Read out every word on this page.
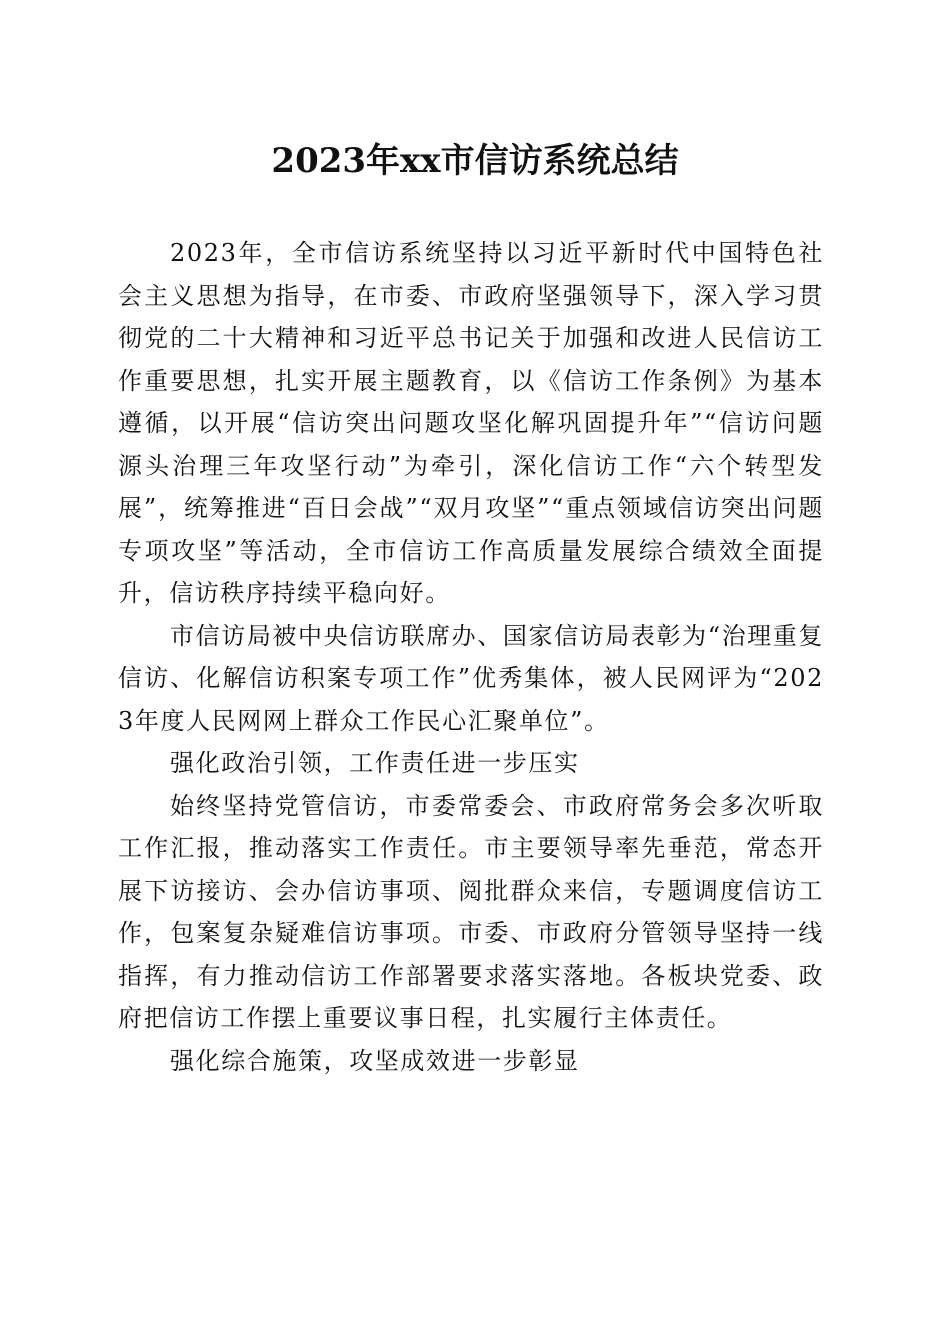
2023年xx市信访系统总结

2023年，全市信访系统坚持以习近平新时代中国特色社会主义思想为指导，在市委、市政府坚强领导下，深入学习贯彻党的二十大精神和习近平总书记关于加强和改进人民信访工作重要思想，扎实开展主题教育，以《信访工作条例》为基本遵循，以开展“信访突出问题攻坚化解巩固提升年”“信访问题源头治理三年攻坚行动”为牵引，深化信访工作“六个转型发展”，统筹推进“百日会战”“双月攻坚”“重点领域信访突出问题专项攻坚”等活动，全市信访工作高质量发展综合绩效全面提升，信访秩序持续平稳向好。

市信访局被中央信访联席办、国家信访局表彰为“治理重复信访、化解信访积案专项工作”优秀集体，被人民网评为“2023年度人民网网上群众工作民心汇聚单位”。

强化政治引领，工作责任进一步压实

始终坚持党管信访，市委常委会、市政府常务会多次听取工作汇报，推动落实工作责任。市主要领导率先垂范，常态开展下访接访、会办信访事项、阅批群众来信，专题调度信访工作，包案复杂疑难信访事项。市委、市政府分管领导坚持一线指挥，有力推动信访工作部署要求落实落地。各板块党委、政府把信访工作摆上重要议事日程，扎实履行主体责任。

强化综合施策，攻坚成效进一步彰显
